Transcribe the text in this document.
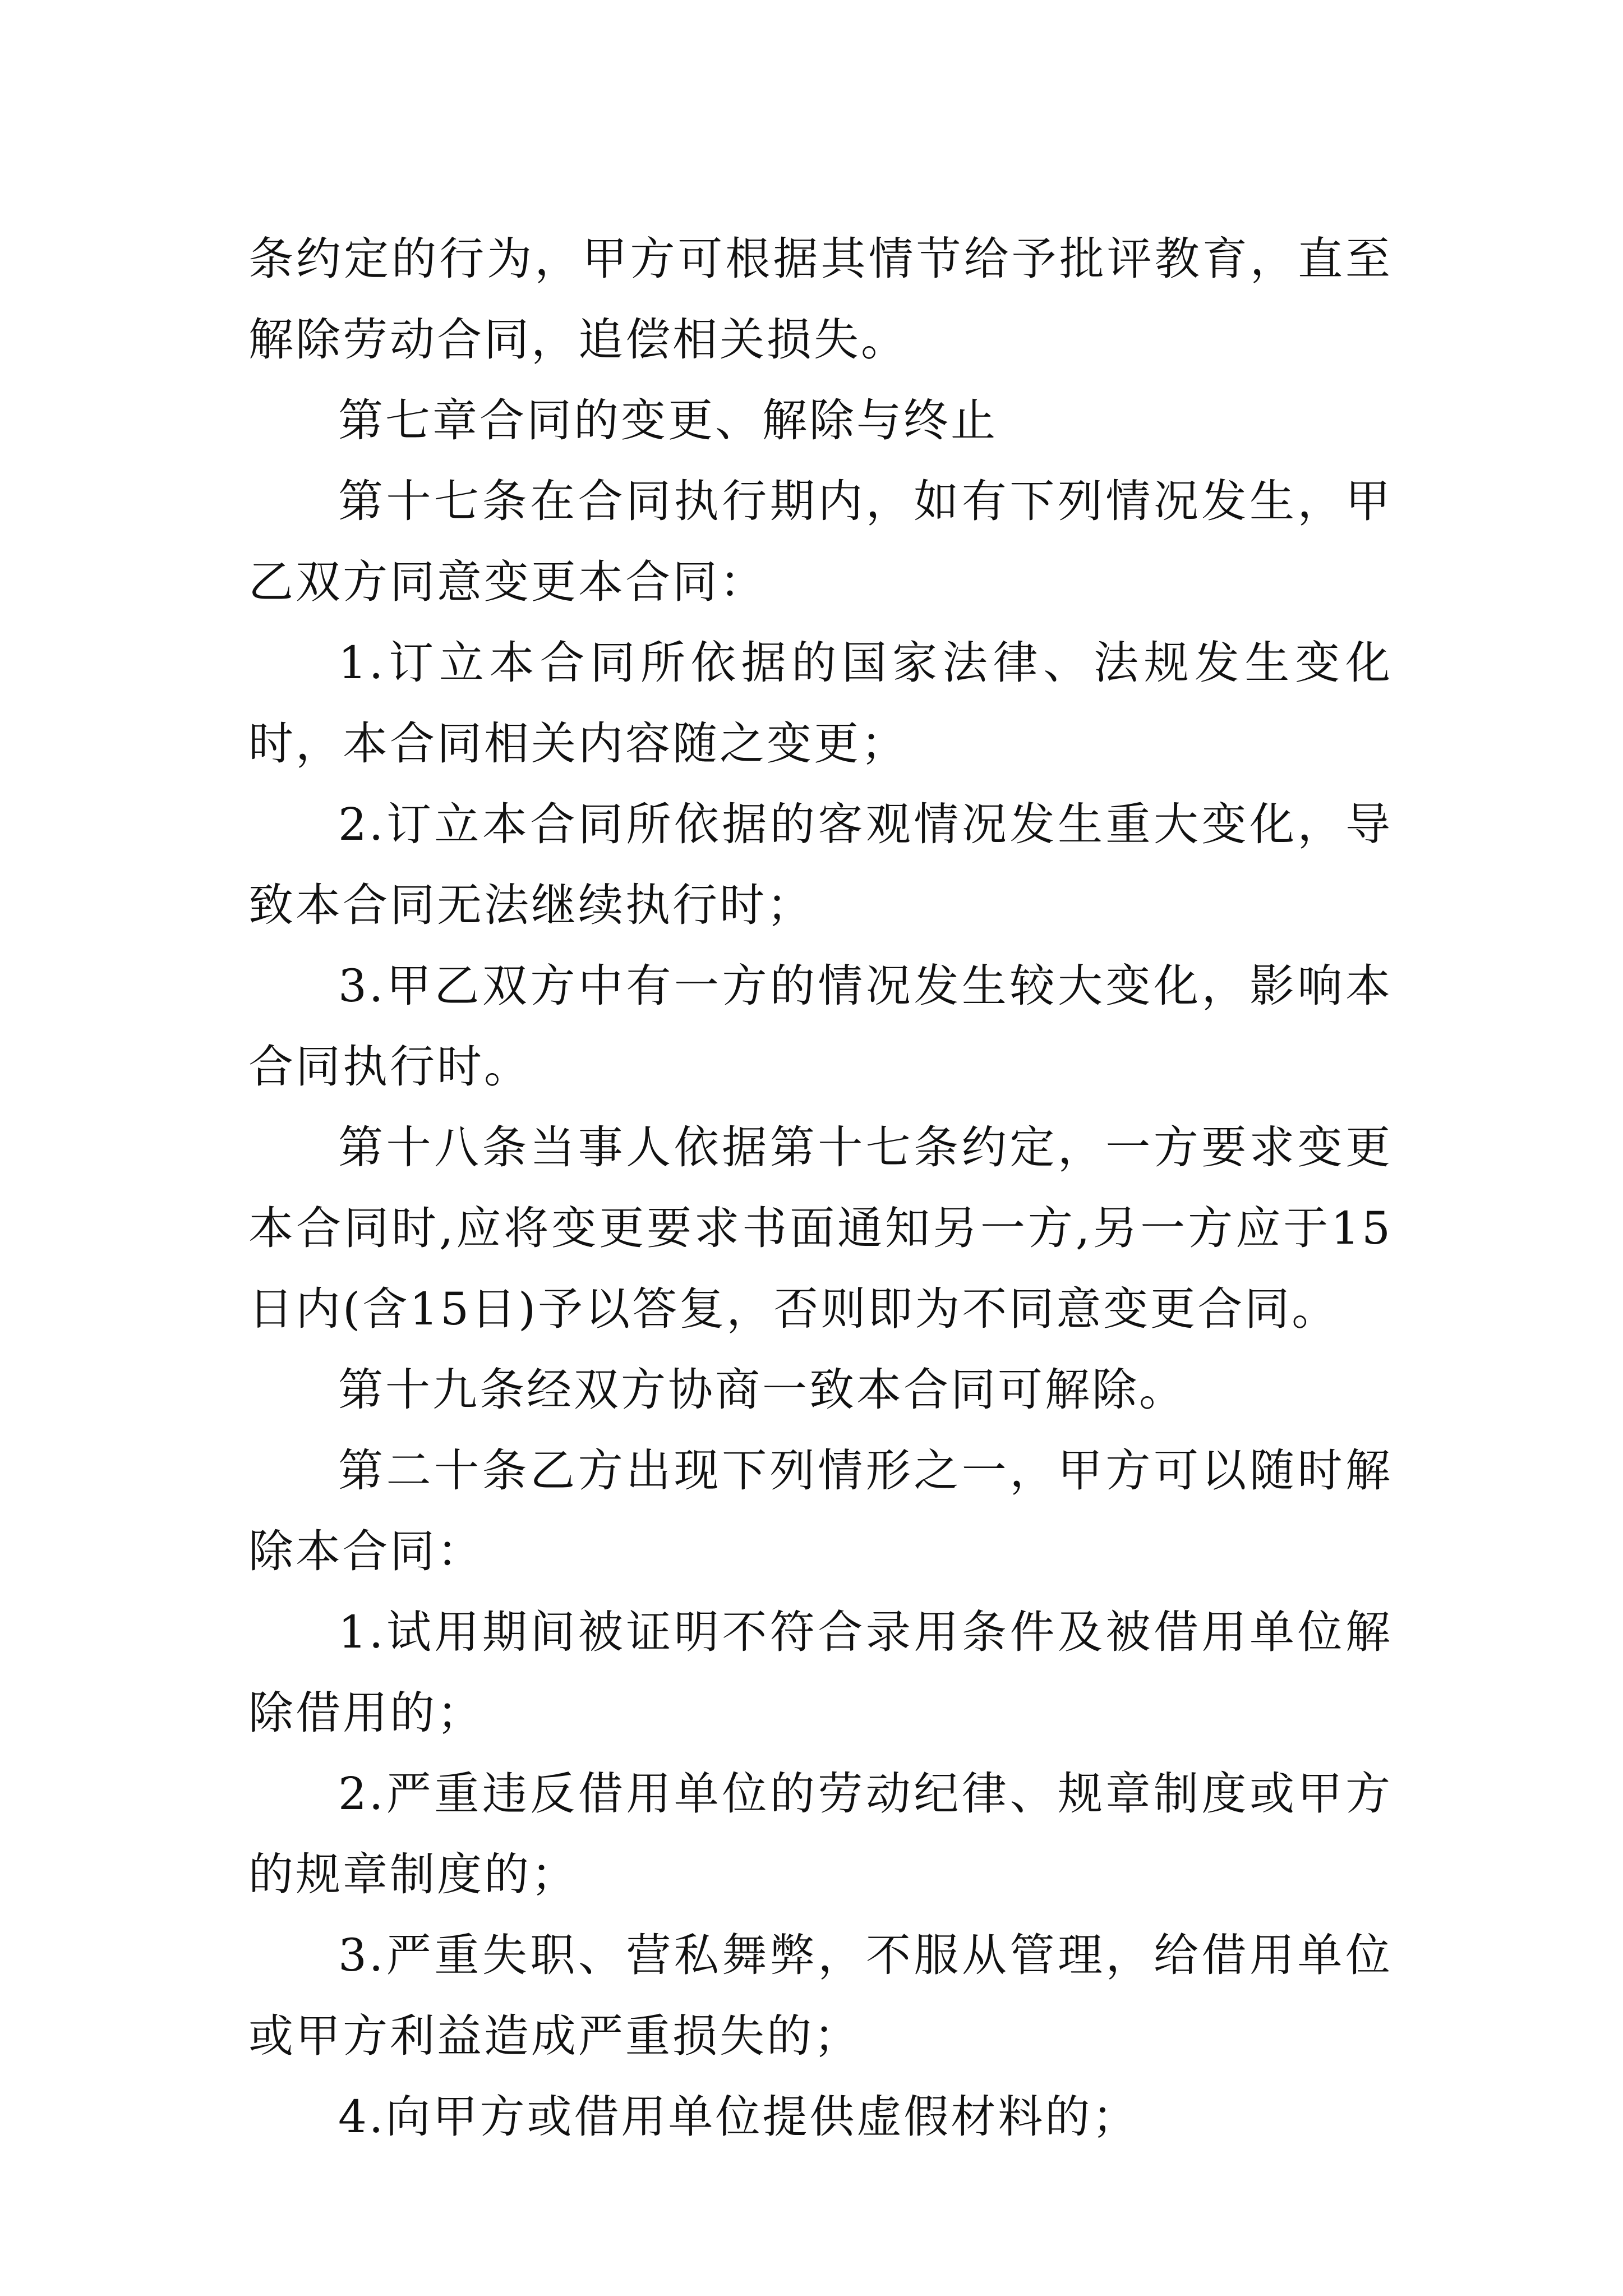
条约定的行为，甲方可根据其情节给予批评教育，直至解除劳动合同，追偿相关损失。

第七章合同的变更、解除与终止

第十七条在合同执行期内，如有下列情况发生，甲乙双方同意变更本合同：

1.订立本合同所依据的国家法律、法规发生变化时，本合同相关内容随之变更；

2.订立本合同所依据的客观情况发生重大变化，导致本合同无法继续执行时；

3.甲乙双方中有一方的情况发生较大变化，影响本合同执行时。

第十八条当事人依据第十七条约定，一方要求变更本合同时,应将变更要求书面通知另一方,另一方应于15日内(含15日)予以答复，否则即为不同意变更合同。

第十九条经双方协商一致本合同可解除。

第二十条乙方出现下列情形之一，甲方可以随时解除本合同：

1.试用期间被证明不符合录用条件及被借用单位解除借用的；

2.严重违反借用单位的劳动纪律、规章制度或甲方的规章制度的；

3.严重失职、营私舞弊，不服从管理，给借用单位或甲方利益造成严重损失的；

4.向甲方或借用单位提供虚假材料的；
